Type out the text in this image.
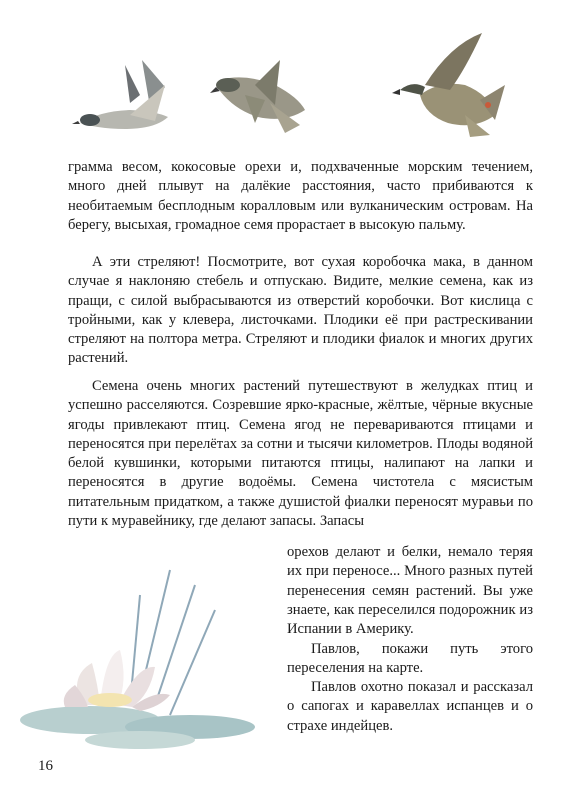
грамма весом, кокосовые орехи и, подхваченные морским течением, много дней плывут на далёкие расстояния, часто прибиваются к необитаемым бесплодным коралловым или вулканическим островам. На берегу, высыхая, громадное семя прорастает в высокую пальму.

А эти стреляют! Посмотрите, вот сухая коробочка мака, в данном случае я наклоняю стебель и отпускаю. Видите, мелкие семена, как из пращи, с силой выбрасываются из отверстий коробочки. Вот кислица с тройными, как у клевера, листочками. Плодики её при растрескивании стреляют на полтора метра. Стреляют и плодики фиалок и многих других растений.

Семена очень многих растений путешествуют в желудках птиц и успешно расселяются. Созревшие ярко-красные, жёлтые, чёрные вкусные ягоды привлекают птиц. Семена ягод не перевариваются птицами и переносятся при перелётах за сотни и тысячи километров. Плоды водяной белой кувшинки, которыми питаются птицы, налипают на лапки и переносятся в другие водоёмы. Семена чистотела с мясистым питательным придатком, а также душистой фиалки переносят муравьи по пути к муравейнику, где делают запасы. Запасы

орехов делают и белки, немало теряя их при переносе... Много разных путей перенесения семян растений. Вы уже знаете, как переселился подорожник из Испании в Америку.

Павлов, покажи путь этого переселения на карте.

Павлов охотно показал и рассказал о сапогах и каравеллах испанцев и о страхе индейцев.

16
